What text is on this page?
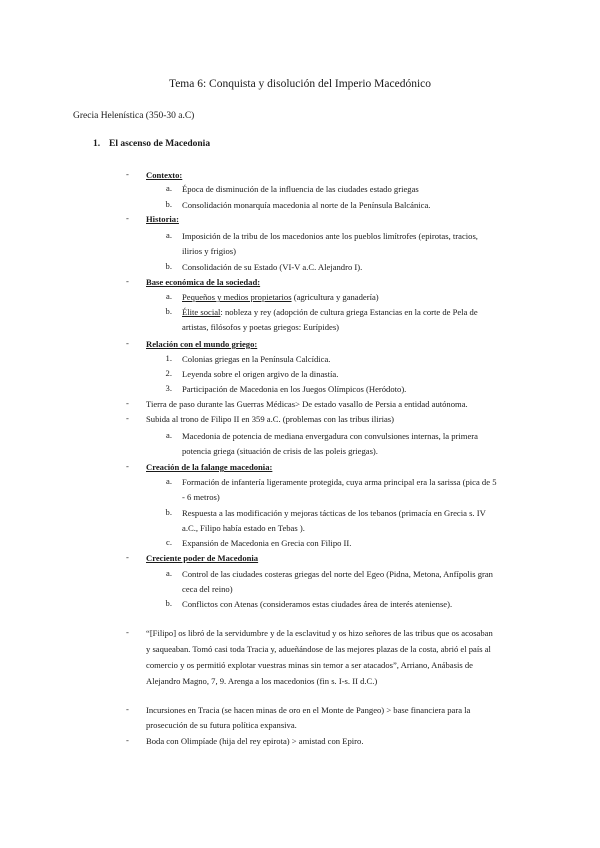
Tema 6: Conquista y disolución del Imperio Macedónico
Grecia Helenística (350-30 a.C)
1. El ascenso de Macedonia
- Contexto:
a. Época de disminución de la influencia de las ciudades estado griegas
b. Consolidación monarquía macedonia al norte de la Península Balcánica.
- Historia:
a. Imposición de la tribu de los macedonios ante los pueblos limítrofes (epirotas, tracios,
ilirios y frigios)
b. Consolidación de su Estado (VI-V a.C. Alejandro I).
- Base económica de la sociedad:
a. Pequeños y medios propietarios (agricultura y ganadería)
b. Élite social: nobleza y rey (adopción de cultura griega Estancias en la corte de Pela de
artistas, filósofos y poetas griegos: Eurípides)
- Relación con el mundo griego:
1. Colonias griegas en la Península Calcídica.
2. Leyenda sobre el origen argivo de la dinastía.
3. Participación de Macedonia en los Juegos Olímpicos (Heródoto).
- Tierra de paso durante las Guerras Médicas> De estado vasallo de Persia a entidad autónoma.
- Subida al trono de Filipo II en 359 a.C. (problemas con las tribus ilirias)
a. Macedonia de potencia de mediana envergadura con convulsiones internas, la primera
potencia griega (situación de crisis de las poleis griegas).
- Creación de la falange macedonia:
a. Formación de infantería ligeramente protegida, cuya arma principal era la sarissa (pica de 5
- 6 metros)
b. Respuesta a las modificación y mejoras tácticas de los tebanos (primacía en Grecia s. IV
a.C., Filipo había estado en Tebas ).
c. Expansión de Macedonia en Grecia con Filipo II.
- Creciente poder de Macedonia
a. Control de las ciudades costeras griegas del norte del Egeo (Pidna, Metona, Anfípolis gran
ceca del reino)
b. Conflictos con Atenas (consideramos estas ciudades área de interés ateniense).
- “[Filipo] os libró de la servidumbre y de la esclavitud y os hizo señores de las tribus que os acosaban
y saqueaban. Tomó casi toda Tracia y, adueñándose de las mejores plazas de la costa, abrió el país al
comercio y os permitió explotar vuestras minas sin temor a ser atacados”, Arriano, Anábasis de
Alejandro Magno, 7, 9. Arenga a los macedonios (fin s. I-s. II d.C.)
- Incursiones en Tracia (se hacen minas de oro en el Monte de Pangeo) > base financiera para la
prosecución de su futura política expansiva.
- Boda con Olimpíade (hija del rey epirota) > amistad con Epiro.
